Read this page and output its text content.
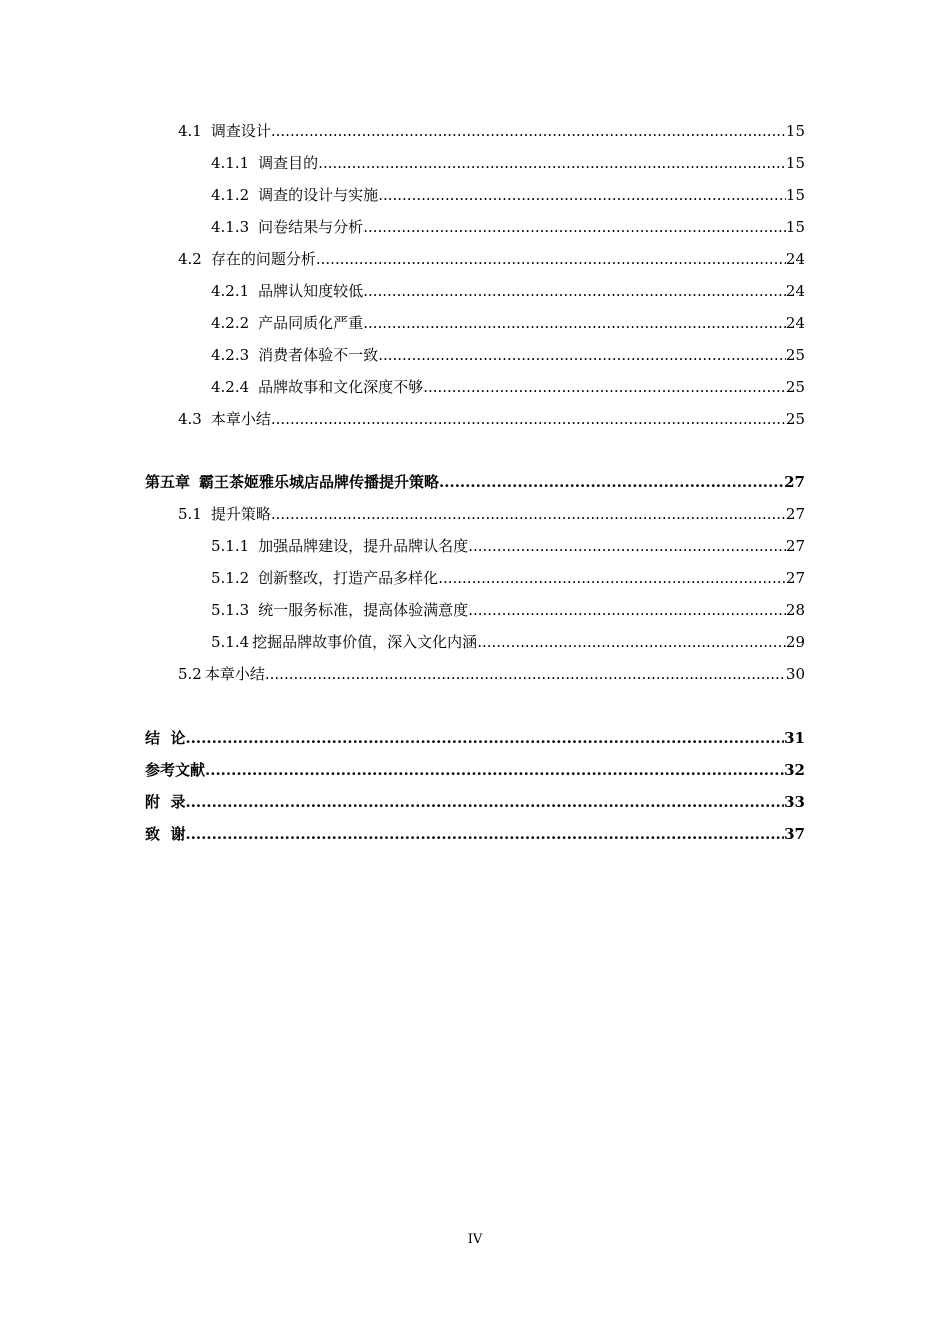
4.1 调查设计 .....	15
4.1.1 调查目的 .....	15
4.1.2 调查的设计与实施 .....	15
4.1.3 问卷结果与分析 .....	15
4.2 存在的问题分析 .....	24
4.2.1 品牌认知度较低 .....	24
4.2.2 产品同质化严重 .....	24
4.2.3 消费者体验不一致 .....	25
4.2.4 品牌故事和文化深度不够 .....	25
4.3 本章小结 .....	25
第五章 霸王茶姬雅乐城店品牌传播提升策略 .....	27
5.1 提升策略 .....	27
5.1.1 加强品牌建设，提升品牌认名度 .....	27
5.1.2 创新整改，打造产品多样化 .....	27
5.1.3 统一服务标准，提高体验满意度 .....	28
5.1.4 挖掘品牌故事价值，深入文化内涵 .....	29
5.2 本章小结 .....	30
结  论 .....	31
参考文献 .....	32
附  录 .....	33
致  谢 .....	37
IV
